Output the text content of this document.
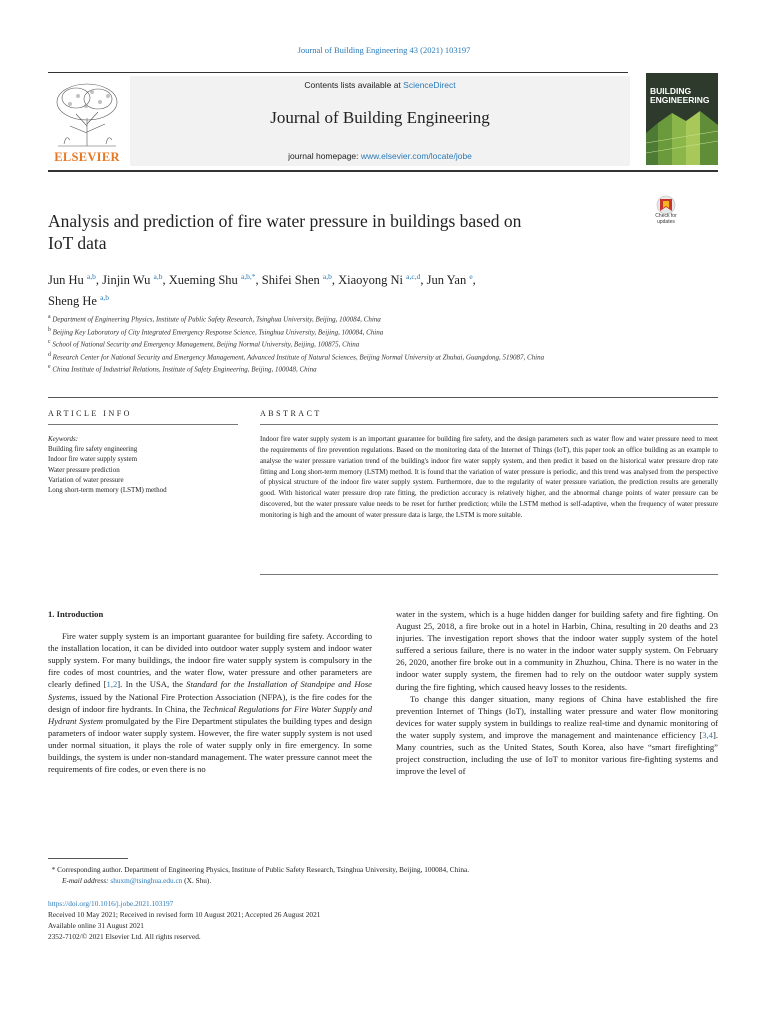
Journal of Building Engineering 43 (2021) 103197
ELSEVIER
Contents lists available at ScienceDirect
Journal of Building Engineering
journal homepage: www.elsevier.com/locate/jobe
BUILDING
ENGINEERING
Check for
updates
Analysis and prediction of fire water pressure in buildings based on
IoT data
Jun Hu $^{a,b}$, Jinjin Wu $^{a,b}$, Xueming Shu $^{a,b,*}$, Shifei Shen $^{a,b}$, Xiaoyong Ni $^{a,c,d}$, Jun Yan $^e$,
Sheng He $^{a,b}$

$^a$ Department of Engineering Physics, Institute of Public Safety Research, Tsinghua University, Beijing, 100084, China

$^b$ Beijing Key Laboratory of City Integrated Emergency Response Science, Tsinghua University, Beijing, 100084, China

$^c$ School of National Security and Emergency Management, Beijing Normal University, Beijing, 100875, China

$^d$ Research Center for National Security and Emergency Management, Advanced Institute of Natural Sciences, Beijing Normal University at Zhuhai, Guangdong, 519087, China

$^e$ China Institute of Industrial Relations, Institute of Safety Engineering, Beijing, 100048, China

ARTICLE INFO	ABSTRACT

Keywords:

Building fire safety engineering

Indoor fire water supply system

Water pressure prediction

Variation of water pressure

Long short-term memory (LSTM) method

Indoor fire water supply system is an important guarantee for building fire safety, and the design parameters such as water flow and water pressure need to meet the requirements of fire prevention regulations. Based on the monitoring data of the Internet of Things (IoT), this paper took an office building as an example to analyse the water pressure variation trend of the building's indoor fire water supply system, and then predict it based on the historical water pressure drop rate fitting and Long short-term memory (LSTM) method. It is found that the variation of water pressure is periodic, and this trend was analysed from the perspective of physical structure of the indoor fire water supply system. Furthermore, due to the regularity of water pressure variation, the prediction results are generally good. With historical water pressure drop rate fitting, the prediction accuracy is relatively higher, and the abnormal change points of water pressure can be discovered, but the water pressure value needs to be reset for further prediction; while the LSTM method is self-adaptive, when the frequency of water pressure monitoring is high and the amount of water pressure data is large, the LSTM is more suitable.

1. Introduction

Fire water supply system is an important guarantee for building fire safety. According to the installation location, it can be divided into outdoor water supply system and indoor water supply system. For many buildings, the indoor fire water supply system is compulsory in the fire codes of most countries, and the water flow, water pressure and other parameters are clearly defined [1,2]. In the USA, the Standard for the Installation of Standpipe and Hose Systems, issued by the National Fire Protection Association (NFPA), is the fire codes for the design of indoor fire hydrants. In China, the Technical Regulations for Fire Water Supply and Hydrant System promulgated by the Fire Department stipulates the building types and design parameters of indoor water supply system. However, the fire water supply system is not used under normal situation, it plays the role of water supply only in fire emergency. In some buildings, the system is under non-standard management. The water pressure cannot meet the requirements of fire codes, or even there is no

water in the system, which is a huge hidden danger for building safety and fire fighting. On August 25, 2018, a fire broke out in a hotel in Harbin, China, resulting in 20 deaths and 23 injuries. The investigation report shows that the indoor water supply system of the hotel suffered a serious failure, there is no water in the indoor water supply system. On February 26, 2020, another fire broke out in a community in Zhuzhou, China. There is no water in the indoor water supply system, the firemen had to rely on the outdoor water supply system during the fire fighting, which caused heavy losses to the residents.

To change this danger situation, many regions of China have established the fire prevention Internet of Things (IoT), installing water pressure and water flow monitoring devices for water supply system in buildings to realize real-time and dynamic monitoring of the water supply system, and improve the management and maintenance efficiency [3,4]. Many countries, such as the United States, South Korea, also have “smart firefighting” project construction, including the use of IoT to monitor various fire-fighting systems and improve the level of

* Corresponding author. Department of Engineering Physics, Institute of Public Safety Research, Tsinghua University, Beijing, 100084, China.

E-mail address: shuxm@tsinghua.edu.cn (X. Shu).

https://doi.org/10.1016/j.jobe.2021.103197

Received 10 May 2021; Received in revised form 10 August 2021; Accepted 26 August 2021

Available online 31 August 2021

2352-7102/© 2021 Elsevier Ltd. All rights reserved.
